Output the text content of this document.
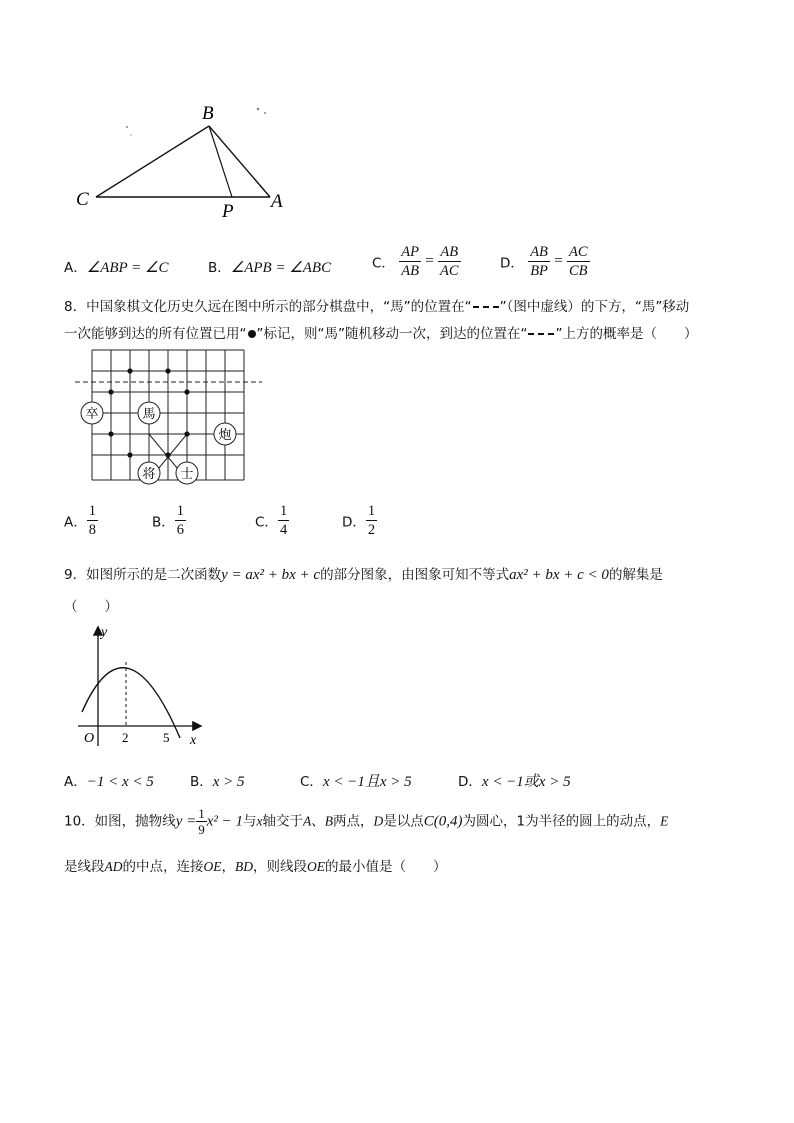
B
C
P A
A．∠ABP = ∠C	B．∠APB = ∠ABC	C． $\frac{AP}{AB} = \frac{AB}{AC}$	D． $\frac{AB}{BP} = \frac{AC}{CB}$
8．中国象棋文化历史久远在图中所示的部分棋盘中，“馬”的位置在“ ”（图中虚线）的下方，“馬”移动
一次能够到达的所有位置已用“ ”标记，则“馬”随机移动一次，到达的位置在“ ”上方的概率是（　　）
卒	馬
炮
将 士
A． $\frac{1}{8}$	B． $\frac{1}{6}$	C． $\frac{1}{4}$	D． $\frac{1}{2}$
9．如图所示的是二次函数y = ax² + bx + c的部分图象，由图象可知不等式ax² + bx + c < 0的解集是
（　　）
y
x
O 2	5
A．−1 < x < 5	B．x > 5	C．x < −1且x > 5	D．x < −1或x > 5
10．如图，抛物线$y = \frac{1}{9} x^2 - 1$与x轴交于A、B两点，D是以点C(0,4)为圆心，1为半径的圆上的动点，E
是线段AD的中点，连接OE，BD，则线段OE的最小值是（　　）
